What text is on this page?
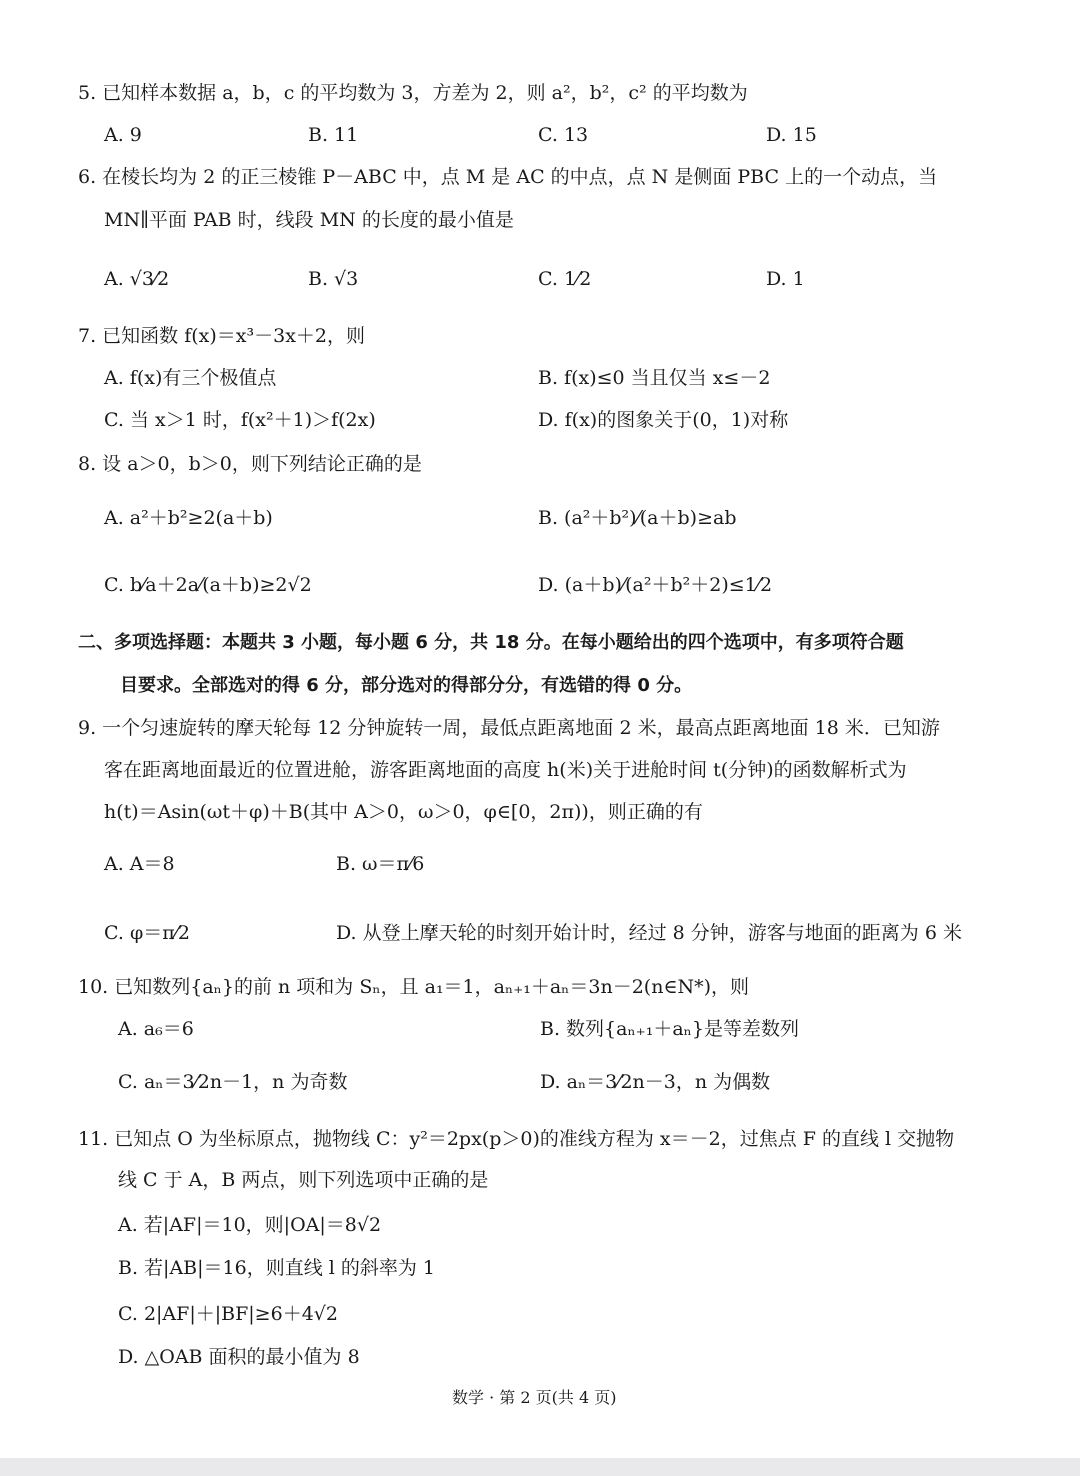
5. 已知样本数据 a，b，c 的平均数为 3，方差为 2，则 a²，b²，c² 的平均数为
A. 9	B. 11	C. 13	D. 15
6. 在棱长均为 2 的正三棱锥 P－ABC 中，点 M 是 AC 的中点，点 N 是侧面 PBC 上的一个动点，当
MN∥平面 PAB 时，线段 MN 的长度的最小值是
A. √3⁄2	B. √3	C. 1⁄2	D. 1
7. 已知函数 f(x)＝x³－3x＋2，则
A. f(x)有三个极值点	B. f(x)≤0 当且仅当 x≤－2
C. 当 x＞1 时，f(x²＋1)＞f(2x)	D. f(x)的图象关于(0，1)对称
8. 设 a＞0，b＞0，则下列结论正确的是
A. a²＋b²≥2(a＋b)	B. (a²＋b²)⁄(a＋b)≥ab
C. b⁄a＋2a⁄(a＋b)≥2√2	D. (a＋b)⁄(a²＋b²＋2)≤1⁄2
二、多项选择题：本题共 3 小题，每小题 6 分，共 18 分。在每小题给出的四个选项中，有多项符合题
目要求。全部选对的得 6 分，部分选对的得部分分，有选错的得 0 分。
9. 一个匀速旋转的摩天轮每 12 分钟旋转一周，最低点距离地面 2 米，最高点距离地面 18 米．已知游
客在距离地面最近的位置进舱，游客距离地面的高度 h(米)关于进舱时间 t(分钟)的函数解析式为
h(t)＝Asin(ωt＋φ)＋B(其中 A＞0，ω＞0，φ∈[0，2π))，则正确的有
A. A＝8	B. ω＝π⁄6
C. φ＝π⁄2	D. 从登上摩天轮的时刻开始计时，经过 8 分钟，游客与地面的距离为 6 米
10. 已知数列{aₙ}的前 n 项和为 Sₙ，且 a₁＝1，aₙ₊₁＋aₙ＝3n－2(n∈N*)，则
A. a₆＝6	B. 数列{aₙ₊₁＋aₙ}是等差数列
C. aₙ＝3⁄2n－1，n 为奇数	D. aₙ＝3⁄2n－3，n 为偶数
11. 已知点 O 为坐标原点，抛物线 C：y²＝2px(p＞0)的准线方程为 x＝－2，过焦点 F 的直线 l 交抛物
线 C 于 A，B 两点，则下列选项中正确的是
A. 若|AF|＝10，则|OA|＝8√2
B. 若|AB|＝16，则直线 l 的斜率为 1
C. 2|AF|＋|BF|≥6＋4√2
D. △OAB 面积的最小值为 8
数学 · 第 2 页(共 4 页)
